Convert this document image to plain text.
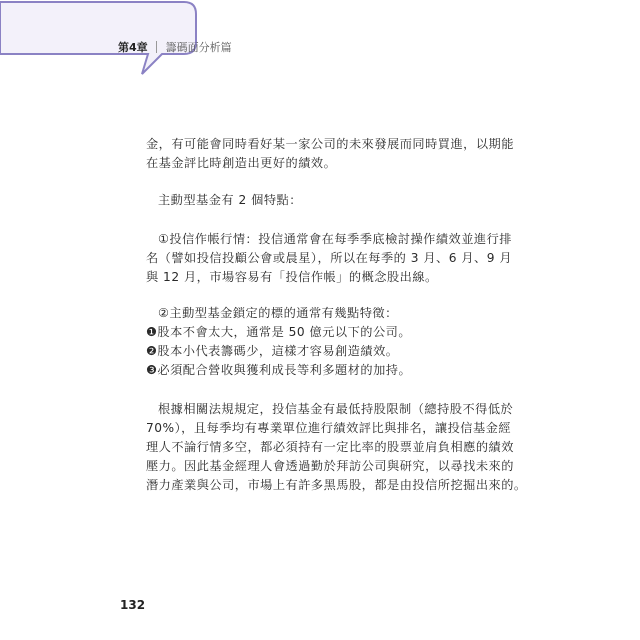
第4章 籌碼面分析篇
金，有可能會同時看好某一家公司的未來發展而同時買進，以期能
在基金評比時創造出更好的績效。
主動型基金有 2 個特點：
①投信作帳行情：投信通常會在每季季底檢討操作績效並進行排
名（譬如投信投顧公會或晨星），所以在每季的 3 月、6 月、9 月
與 12 月，市場容易有「投信作帳」的概念股出線。
②主動型基金鎖定的標的通常有幾點特徵：
❶股本不會太大，通常是 50 億元以下的公司。
❷股本小代表籌碼少，這樣才容易創造績效。
❸必須配合營收與獲利成長等利多題材的加持。
根據相關法規規定，投信基金有最低持股限制（總持股不得低於
70%），且每季均有專業單位進行績效評比與排名，讓投信基金經
理人不論行情多空，都必須持有一定比率的股票並肩負相應的績效
壓力。因此基金經理人會透過勤於拜訪公司與研究，以尋找未來的
潛力產業與公司，市場上有許多黑馬股，都是由投信所挖掘出來的。
132
